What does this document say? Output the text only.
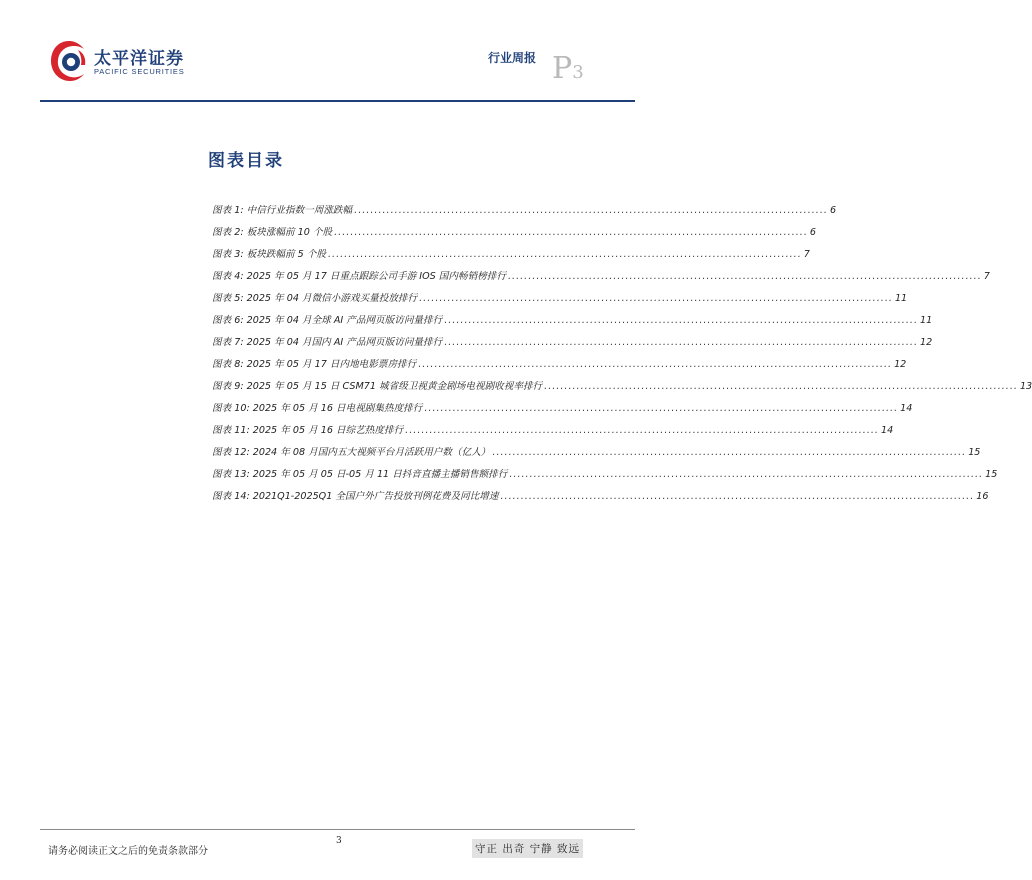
太平洋证券
PACIFIC SECURITIES
行业周报 P3
图表目录
图表 1: 中信行业指数一周涨跌幅 .....	6
图表 2: 板块涨幅前 10 个股 .....	6
图表 3: 板块跌幅前 5 个股 .....	7
图表 4: 2025 年 05 月 17 日重点跟踪公司手游 IOS 国内畅销榜排行 .....	7
图表 5: 2025 年 04 月微信小游戏买量投放排行 .....	11
图表 6: 2025 年 04 月全球 AI 产品网页版访问量排行 .....	11
图表 7: 2025 年 04 月国内 AI 产品网页版访问量排行 .....	12
图表 8: 2025 年 05 月 17 日内地电影票房排行 .....	12
图表 9: 2025 年 05 月 15 日 CSM71 城省级卫视黄金剧场电视剧收视率排行 .....	13
图表 10: 2025 年 05 月 16 日电视剧集热度排行 .....	14
图表 11: 2025 年 05 月 16 日综艺热度排行 .....	14
图表 12: 2024 年 08 月国内五大视频平台月活跃用户数（亿人） .....	15
图表 13: 2025 年 05 月 05 日-05 月 11 日抖音直播主播销售额排行 .....	15
图表 14: 2021Q1-2025Q1 全国户外广告投放刊例花费及同比增速 .....	16
请务必阅读正文之后的免责条款部分
3
守正 出奇 宁静 致远
